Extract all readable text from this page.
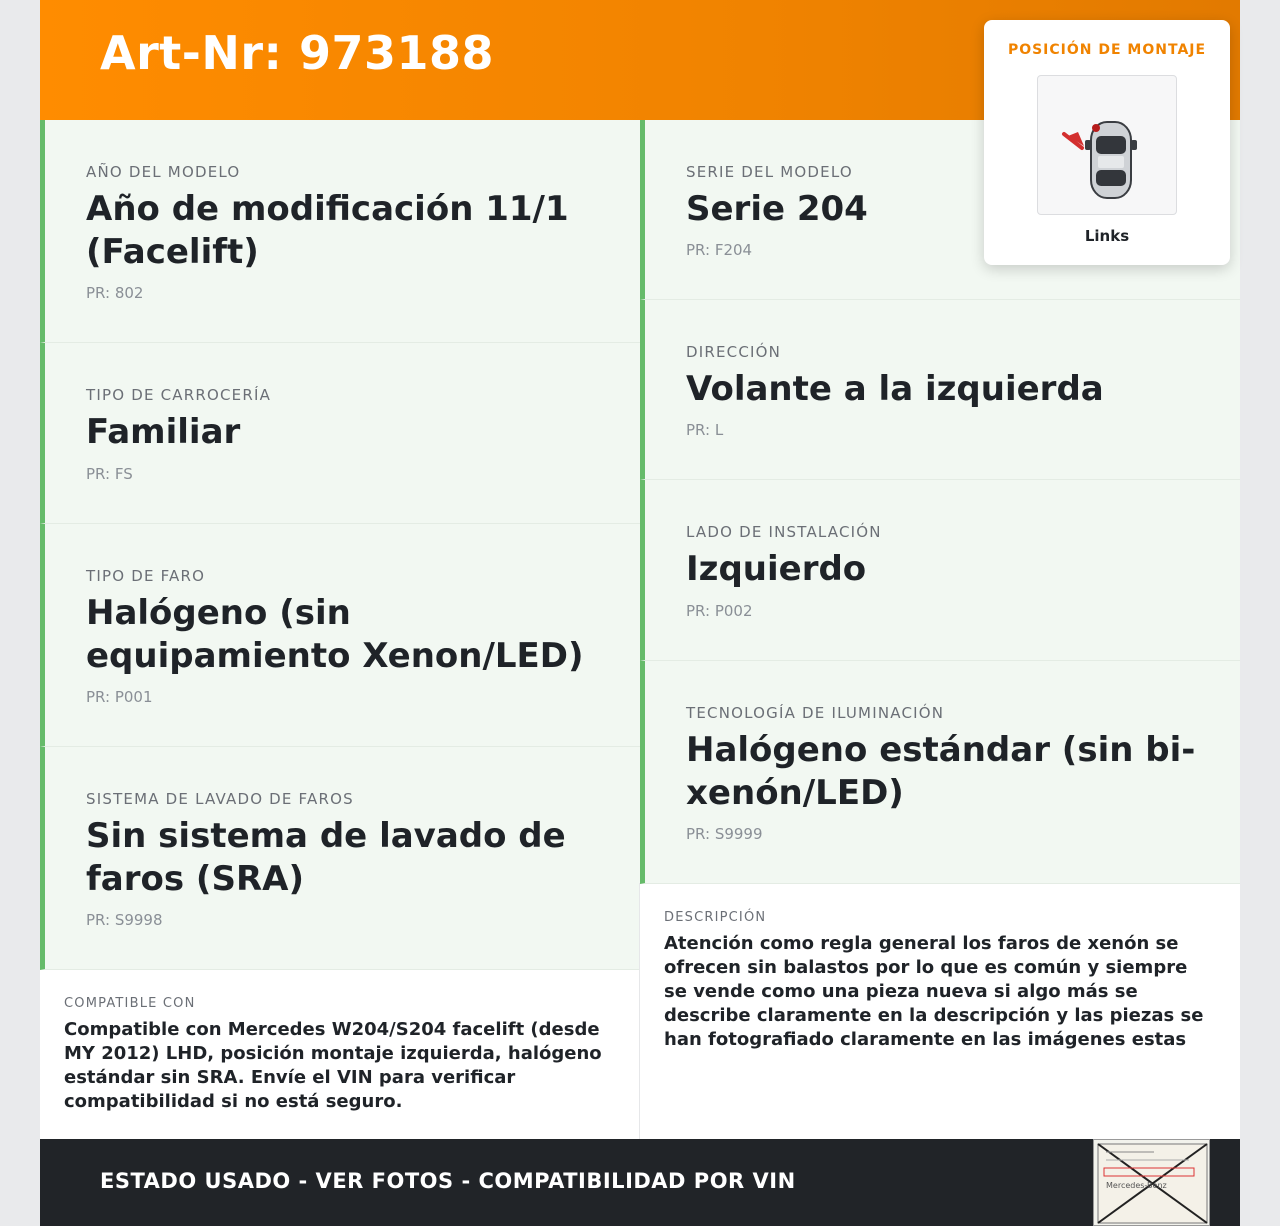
Art-Nr: 973188
AÑO DEL MODELO
Año de modificación 11/1 (Facelift)
PR: 802
TIPO DE CARROCERÍA
Familiar
PR: FS
TIPO DE FARO
Halógeno (sin equipamiento Xenon/LED)
PR: P001
SISTEMA DE LAVADO DE FAROS
Sin sistema de lavado de faros (SRA)
PR: S9998
SERIE DEL MODELO
Serie 204
PR: F204
DIRECCIÓN
Volante a la izquierda
PR: L
LADO DE INSTALACIÓN
Izquierdo
PR: P002
TECNOLOGÍA DE ILUMINACIÓN
Halógeno estándar (sin bi-xenón/LED)
PR: S9999
COMPATIBLE CON
Compatible con Mercedes W204/S204 facelift (desde MY 2012) LHD, posición montaje izquierda, halógeno estándar sin SRA. Envíe el VIN para verificar compatibilidad si no está seguro.
DESCRIPCIÓN
Atención como regla general los faros de xenón se ofrecen sin balastos por lo que es común y siempre se vende como una pieza nueva si algo más se describe claramente en la descripción y las piezas se han fotografiado claramente en las imágenes estas
ESTADO USADO - VER FOTOS - COMPATIBILIDAD POR VIN	Mercedes-Benz
POSICIÓN DE MONTAJE
Links
